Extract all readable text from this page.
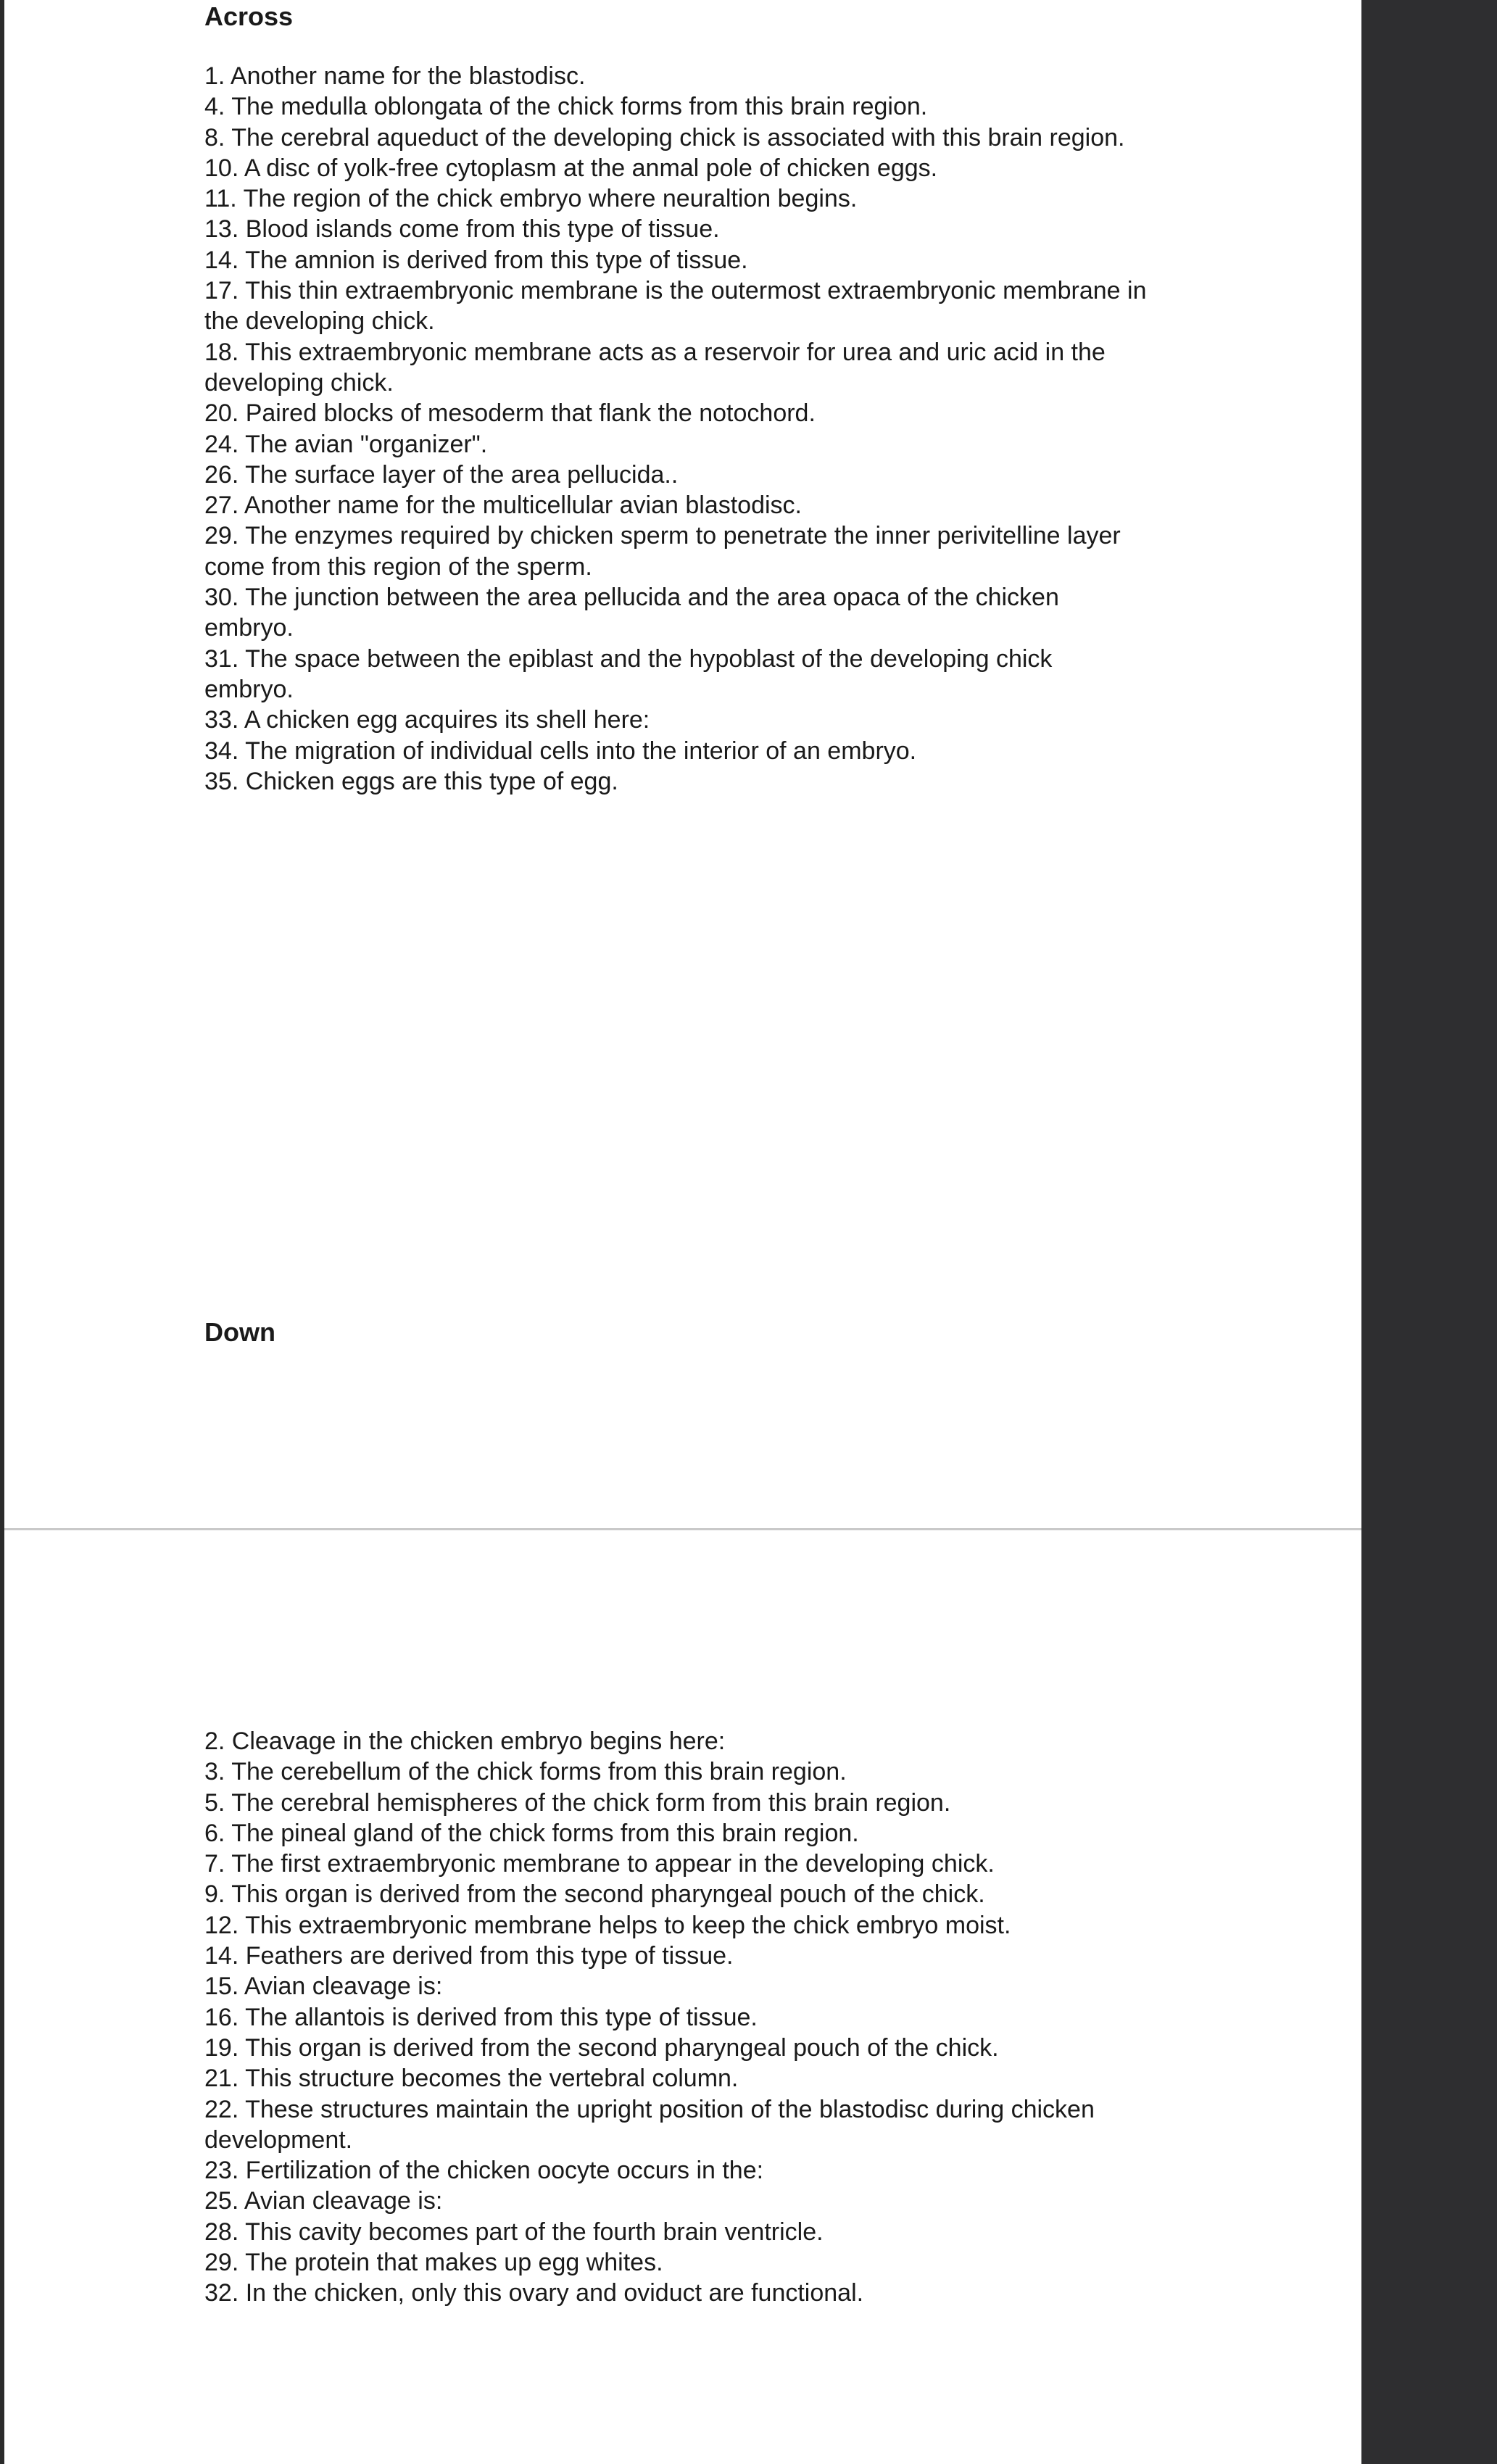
Across
1. Another name for the blastodisc.
4. The medulla oblongata of the chick forms from this brain region.
8. The cerebral aqueduct of the developing chick is associated with this brain region.
10. A disc of yolk-free cytoplasm at the anmal pole of chicken eggs.
11. The region of the chick embryo where neuraltion begins.
13. Blood islands come from this type of tissue.
14. The amnion is derived from this type of tissue.
17. This thin extraembryonic membrane is the outermost extraembryonic membrane in the developing chick.
18. This extraembryonic membrane acts as a reservoir for urea and uric acid in the developing chick.
20. Paired blocks of mesoderm that flank the notochord.
24. The avian "organizer".
26. The surface layer of the area pellucida..
27. Another name for the multicellular avian blastodisc.
29. The enzymes required by chicken sperm to penetrate the inner perivitelline layer come from this region of the sperm.
30. The junction between the area pellucida and the area opaca of the chicken embryo.
31. The space between the epiblast and the hypoblast of the developing chick embryo.
33. A chicken egg acquires its shell here:
34. The migration of individual cells into the interior of an embryo.
35. Chicken eggs are this type of egg.
Down
2. Cleavage in the chicken embryo begins here:
3. The cerebellum of the chick forms from this brain region.
5. The cerebral hemispheres of the chick form from this brain region.
6. The pineal gland of the chick forms from this brain region.
7. The first extraembryonic membrane to appear in the developing chick.
9. This organ is derived from the second pharyngeal pouch of the chick.
12. This extraembryonic membrane helps to keep the chick embryo moist.
14. Feathers are derived from this type of tissue.
15. Avian cleavage is:
16. The allantois is derived from this type of tissue.
19. This organ is derived from the second pharyngeal pouch of the chick.
21. This structure becomes the vertebral column.
22. These structures maintain the upright position of the blastodisc during chicken development.
23. Fertilization of the chicken oocyte occurs in the:
25. Avian cleavage is:
28. This cavity becomes part of the fourth brain ventricle.
29. The protein that makes up egg whites.
32. In the chicken, only this ovary and oviduct are functional.
